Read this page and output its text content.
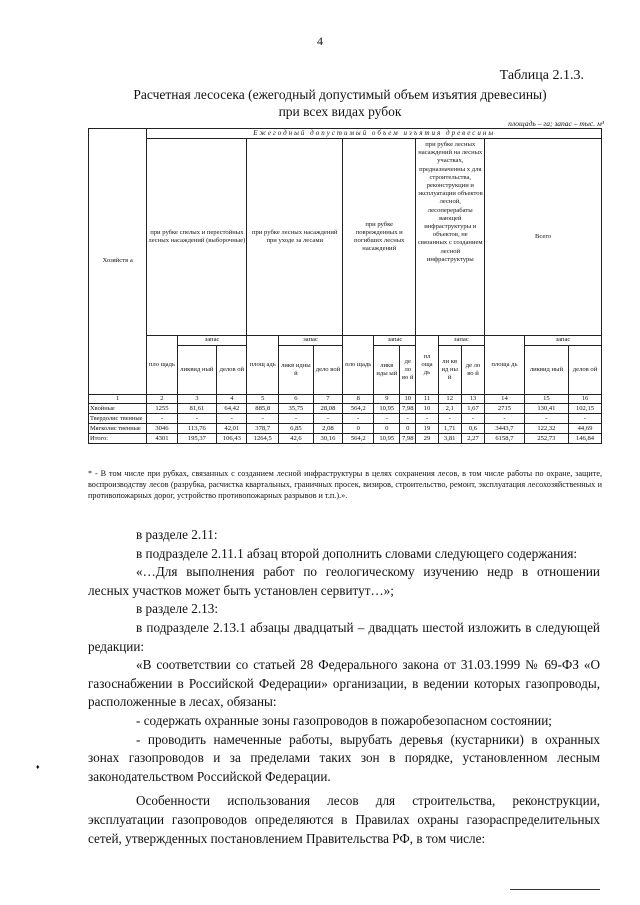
4
Таблица 2.1.3.
Расчетная лесосека (ежегодный допустимый объем изъятия древесины)
при всех видах рубок
площадь – га; запас – тыс. м³
Хозяйств а	Ежегодный допустимый объем изъятия древесины														
	при рубке спелых и перестойных лесных насаждений (выборочные)			при рубке лесных насаждений при уходе за лесами			при рубке поврежденных и погибших лесных насаждений			при рубке лесных насаждений на лесных участках, предназначенны х для строительства, реконструкции и эксплуатации объектов лесной, лесоперерабаты вающей инфраструктуры и объектов, не связанных с созданием лесной инфраструктуры			Всего		
	пло щадь	запас		площ адь	запас		пло щадь	запас		пл оща дь	запас		площа дь	запас	
		ликвид ный	делов ой		ликв идны й	дело вой		ликв иды ый	де ло во й		ли кв ид ны й	де ло во й		ликвид ный	делов ой
1	2	3	4	5	6	7	8	9	10	11	12	13	14	15	16
Хвойные	1255	81,61	64,42	885,8	35,75	28,08	564,2	10,95	7,98	10	2,1	1,67	2715	130,41	102,15
Твердолис твенные	-	-	-	-	-	-	-	-	-	-	-	-	-	-	-
Мягколис твенные	3046	113,76	42,01	378,7	6,85	2,08	0	0	0	19	1,71	0,6	3443,7	122,32	44,69
Итого:	4301	195,37	106,43	1264,5	42,6	30,16	564,2	10,95	7,98	29	3,81	2,27	6158,7	252,73	146,84
* - В том числе при рубках, связанных с созданием лесной инфраструктуры в целях сохранения лесов, в том числе работы по охране, защите, воспроизводству лесов (разрубка, расчистка квартальных, граничных просек, визиров, строительство, ремонт, эксплуатация лесохозяйственных и противопожарных дорог, устройство противопожарных разрывов и т.п.).».

в разделе 2.11:

в подразделе 2.11.1 абзац второй дополнить словами следующего содержания:

«…Для выполнения работ по геологическому изучению недр в отношении лесных участков может быть установлен сервитут…»;

в разделе 2.13:

в подразделе 2.13.1 абзацы двадцатый – двадцать шестой изложить в следующей редакции:

«В соответствии со статьей 28 Федерального закона от 31.03.1999 № 69-ФЗ «О газоснабжении в Российской Федерации» организации, в ведении которых газопроводы, расположенные в лесах, обязаны:

- содержать охранные зоны газопроводов в пожаробезопасном состоянии;

- проводить намеченные работы, вырубать деревья (кустарники) в охранных зонах газопроводов и за пределами таких зон в порядке, установленном лесным законодательством Российской Федерации.

Особенности использования лесов для строительства, реконструкции, эксплуатации газопроводов определяются в Правилах охраны газораспределительных сетей, утвержденных постановлением Правительства РФ, в том числе:

♦
